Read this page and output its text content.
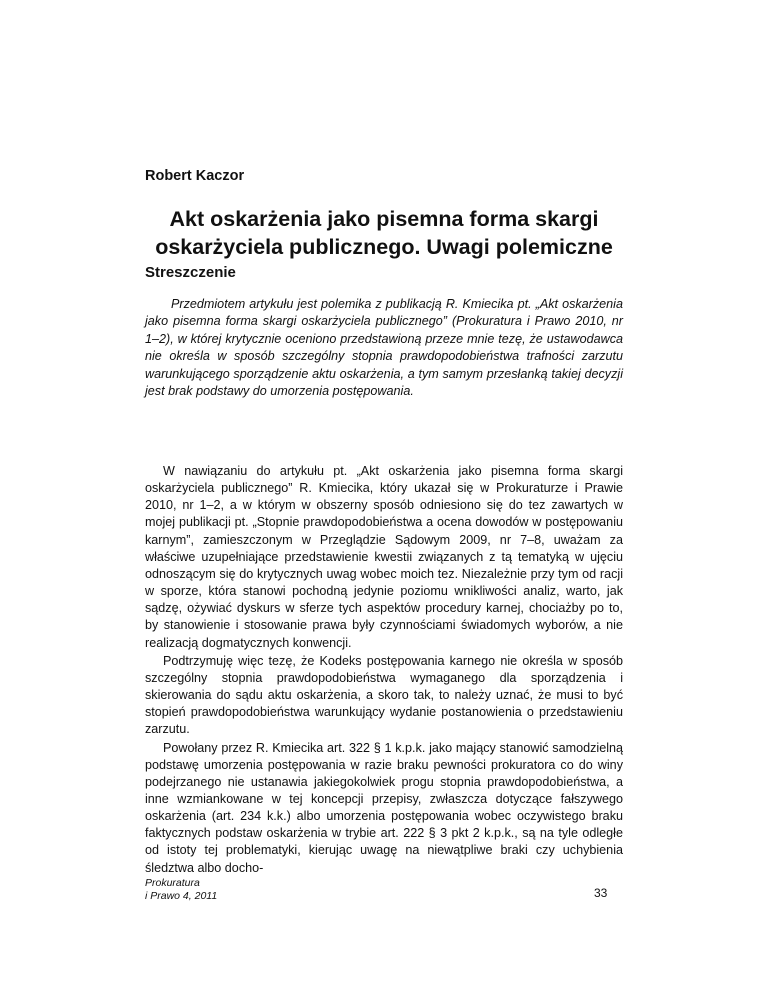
Robert Kaczor
Akt oskarżenia jako pisemna forma skargi
oskarżyciela publicznego. Uwagi polemiczne
Streszczenie

Przedmiotem artykułu jest polemika z publikacją R. Kmiecika pt. „Akt oskarżenia jako pisemna forma skargi oskarżyciela publicznego” (Prokuratura i Prawo 2010, nr 1–2), w której krytycznie oceniono przedstawioną przeze mnie tezę, że ustawodawca nie określa w sposób szczególny stopnia prawdopodobieństwa trafności zarzutu warunkującego sporządzenie aktu oskarżenia, a tym samym przesłanką takiej decyzji jest brak podstawy do umorzenia postępowania.

W nawiązaniu do artykułu pt. „Akt oskarżenia jako pisemna forma skargi oskarżyciela publicznego” R. Kmiecika, który ukazał się w Prokuraturze i Prawie 2010, nr 1–2, a w którym w obszerny sposób odniesiono się do tez zawartych w mojej publikacji pt. „Stopnie prawdopodobieństwa a ocena dowodów w postępowaniu karnym”, zamieszczonym w Przeglądzie Sądowym 2009, nr 7–8, uważam za właściwe uzupełniające przedstawienie kwestii związanych z tą tematyką w ujęciu odnoszącym się do krytycznych uwag wobec moich tez. Niezależnie przy tym od racji w sporze, która stanowi pochodną jedynie poziomu wnikliwości analiz, warto, jak sądzę, ożywiać dyskurs w sferze tych aspektów procedury karnej, chociażby po to, by stanowienie i stosowanie prawa były czynnościami świadomych wyborów, a nie realizacją dogmatycznych konwencji.

Podtrzymuję więc tezę, że Kodeks postępowania karnego nie określa w sposób szczególny stopnia prawdopodobieństwa wymaganego dla sporządzenia i skierowania do sądu aktu oskarżenia, a skoro tak, to należy uznać, że musi to być stopień prawdopodobieństwa warunkujący wydanie postanowienia o przedstawieniu zarzutu.

Powołany przez R. Kmiecika art. 322 § 1 k.p.k. jako mający stanowić samodzielną podstawę umorzenia postępowania w razie braku pewności prokuratora co do winy podejrzanego nie ustanawia jakiegokolwiek progu stopnia prawdopodobieństwa, a inne wzmiankowane w tej koncepcji przepisy, zwłaszcza dotyczące fałszywego oskarżenia (art. 234 k.k.) albo umorzenia postępowania wobec oczywistego braku faktycznych podstaw oskarżenia w trybie art. 222 § 3 pkt 2 k.p.k., są na tyle odległe od istoty tej problematyki, kierując uwagę na niewątpliwe braki czy uchybienia śledztwa albo docho-

Prokuratura
i Prawo 4, 2011	33
